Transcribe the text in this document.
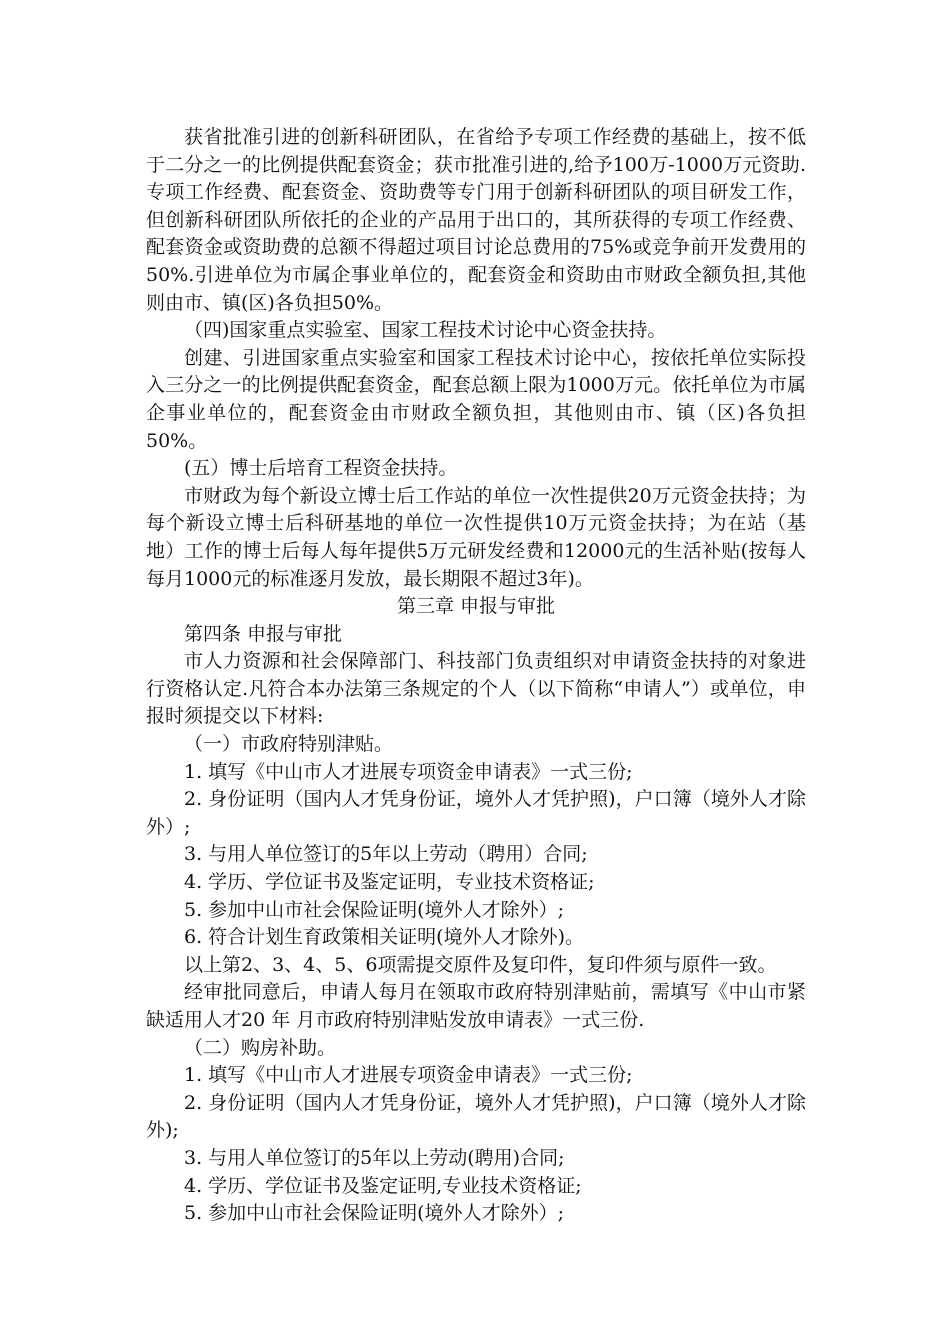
获省批准引进的创新科研团队，在省给予专项工作经费的基础上，按不低于二分之一的比例提供配套资金；获市批准引进的,给予100万-1000万元资助.专项工作经费、配套资金、资助费等专门用于创新科研团队的项目研发工作，但创新科研团队所依托的企业的产品用于出口的，其所获得的专项工作经费、配套资金或资助费的总额不得超过项目讨论总费用的75%或竞争前开发费用的50%.引进单位为市属企事业单位的，配套资金和资助由市财政全额负担,其他则由市、镇(区)各负担50%。

（四)国家重点实验室、国家工程技术讨论中心资金扶持。

创建、引进国家重点实验室和国家工程技术讨论中心，按依托单位实际投入三分之一的比例提供配套资金，配套总额上限为1000万元。依托单位为市属企事业单位的，配套资金由市财政全额负担，其他则由市、镇（区)各负担50%。

(五）博士后培育工程资金扶持。

市财政为每个新设立博士后工作站的单位一次性提供20万元资金扶持；为每个新设立博士后科研基地的单位一次性提供10万元资金扶持；为在站（基地）工作的博士后每人每年提供5万元研发经费和12000元的生活补贴(按每人每月1000元的标准逐月发放，最长期限不超过3年)。

第三章 申报与审批

第四条 申报与审批

市人力资源和社会保障部门、科技部门负责组织对申请资金扶持的对象进行资格认定.凡符合本办法第三条规定的个人（以下简称“申请人”）或单位，申报时须提交以下材料:

（一）市政府特别津贴。

1. 填写《中山市人才进展专项资金申请表》一式三份;

2. 身份证明（国内人才凭身份证，境外人才凭护照)，户口簿（境外人才除外）;

3. 与用人单位签订的5年以上劳动（聘用）合同;

4. 学历、学位证书及鉴定证明，专业技术资格证;

5. 参加中山市社会保险证明(境外人才除外）;

6. 符合计划生育政策相关证明(境外人才除外)。

以上第2、3、4、5、6项需提交原件及复印件，复印件须与原件一致。

经审批同意后，申请人每月在领取市政府特别津贴前，需填写《中山市紧缺适用人才20 年 月市政府特别津贴发放申请表》一式三份.

（二）购房补助。

1. 填写《中山市人才进展专项资金申请表》一式三份;

2. 身份证明（国内人才凭身份证，境外人才凭护照)，户口簿（境外人才除外);

3. 与用人单位签订的5年以上劳动(聘用)合同;

4. 学历、学位证书及鉴定证明,专业技术资格证;

5. 参加中山市社会保险证明(境外人才除外）;
